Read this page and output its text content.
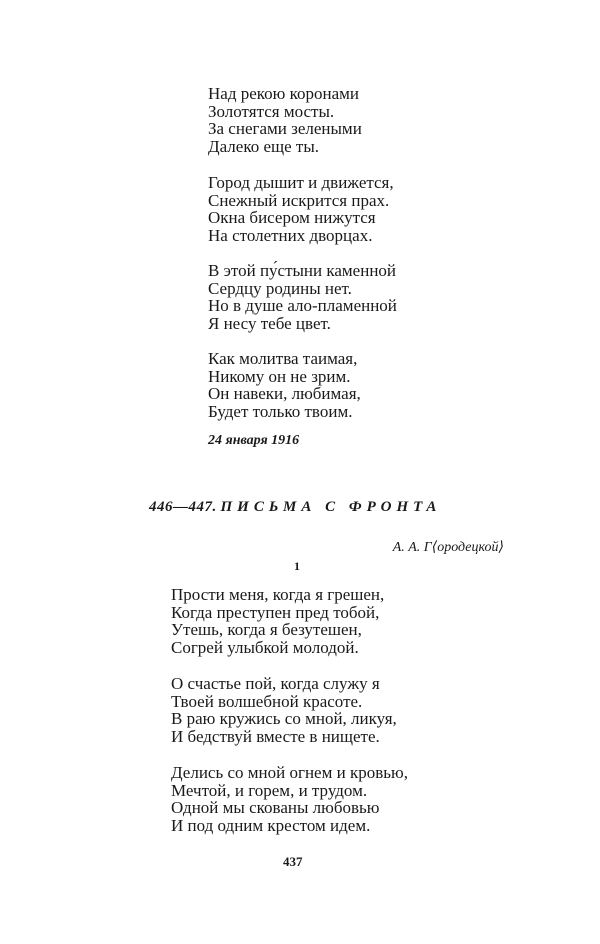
Над рекою коронами
Золотятся мосты.
За снегами зелеными
Далеко еще ты.
Город дышит и движется,
Снежный искрится прах.
Окна бисером нижутся
На столетних дворцах.
В этой пу́стыни каменной
Сердцу родины нет.
Но в душе ало-пламенной
Я несу тебе цвет.
Как молитва таимая,
Никому он не зрим.
Он навеки, любимая,
Будет только твоим.
24 января 1916
446—447. ПИСЬМА С ФРОНТА
А. А. Г⟨ородецкой⟩
1
Прости меня, когда я грешен,
Когда преступен пред тобой,
Утешь, когда я безутешен,
Согрей улыбкой молодой.
О счастье пой, когда служу я
Твоей волшебной красоте.
В раю кружись со мной, ликуя,
И бедствуй вместе в нищете.
Делись со мной огнем и кровью,
Мечтой, и горем, и трудом.
Одной мы скованы любовью
И под одним крестом идем.
437
